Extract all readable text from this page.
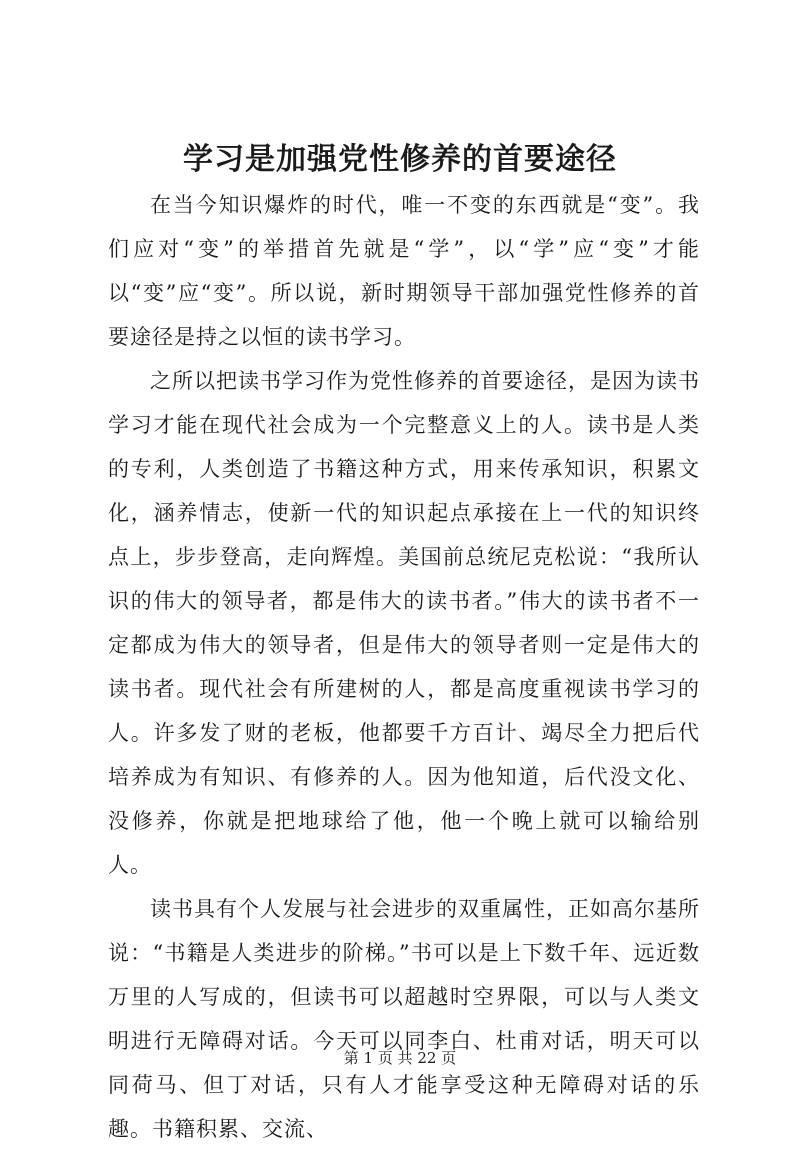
学习是加强党性修养的首要途径

在当今知识爆炸的时代，唯一不变的东西就是“变”。我们应对“变”的举措首先就是“学”，以“学”应“变”才能以“变”应“变”。所以说，新时期领导干部加强党性修养的首要途径是持之以恒的读书学习。

之所以把读书学习作为党性修养的首要途径，是因为读书学习才能在现代社会成为一个完整意义上的人。读书是人类的专利，人类创造了书籍这种方式，用来传承知识，积累文化，涵养情志，使新一代的知识起点承接在上一代的知识终点上，步步登高，走向辉煌。美国前总统尼克松说：“我所认识的伟大的领导者，都是伟大的读书者。”伟大的读书者不一定都成为伟大的领导者，但是伟大的领导者则一定是伟大的读书者。现代社会有所建树的人，都是高度重视读书学习的人。许多发了财的老板，他都要千方百计、竭尽全力把后代培养成为有知识、有修养的人。因为他知道，后代没文化、没修养，你就是把地球给了他，他一个晚上就可以输给别人。

读书具有个人发展与社会进步的双重属性，正如高尔基所说：“书籍是人类进步的阶梯。”书可以是上下数千年、远近数万里的人写成的，但读书可以超越时空界限，可以与人类文明进行无障碍对话。今天可以同李白、杜甫对话，明天可以同荷马、但丁对话，只有人才能享受这种无障碍对话的乐趣。书籍积累、交流、

第 1 页 共 22 页
